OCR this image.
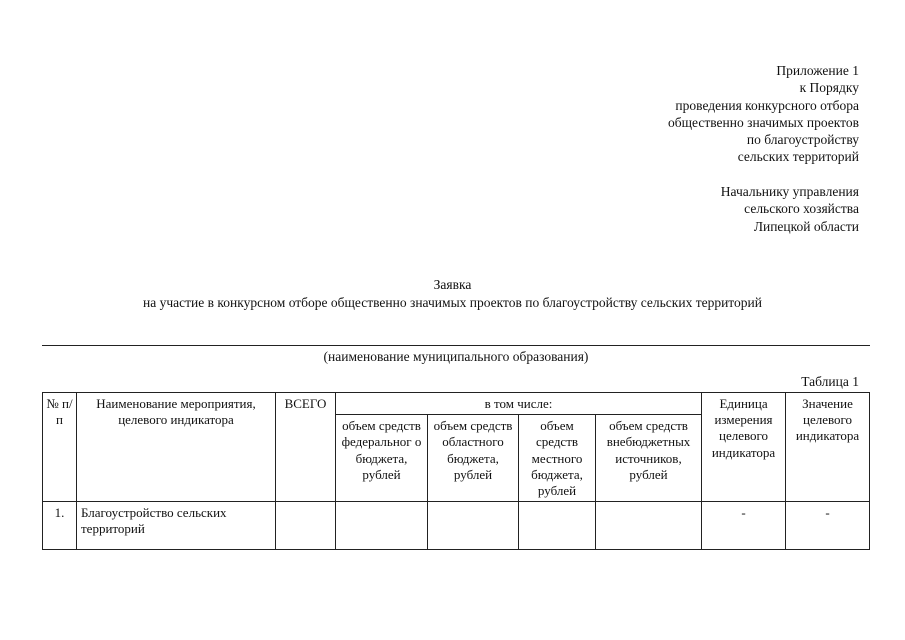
Приложение 1
к Порядку
проведения конкурсного отбора
общественно значимых проектов
по благоустройству
сельских территорий
Начальнику управления
сельского хозяйства
Липецкой области
Заявка
на участие в конкурсном отборе общественно значимых проектов по благоустройству сельских территорий
(наименование муниципального образования)
Таблица 1
№ п/п	Наименование мероприятия, целевого индикатора	ВСЕГО	в том числе:				Единица измерения целевого индикатора	Значение целевого индикатора
			объем средств федеральног о бюджета, рублей	объем средств областного бюджета, рублей	объем средств местного бюджета, рублей	объем средств внебюджетных источников, рублей		
1.	Благоустройство сельских территорий						-	-
